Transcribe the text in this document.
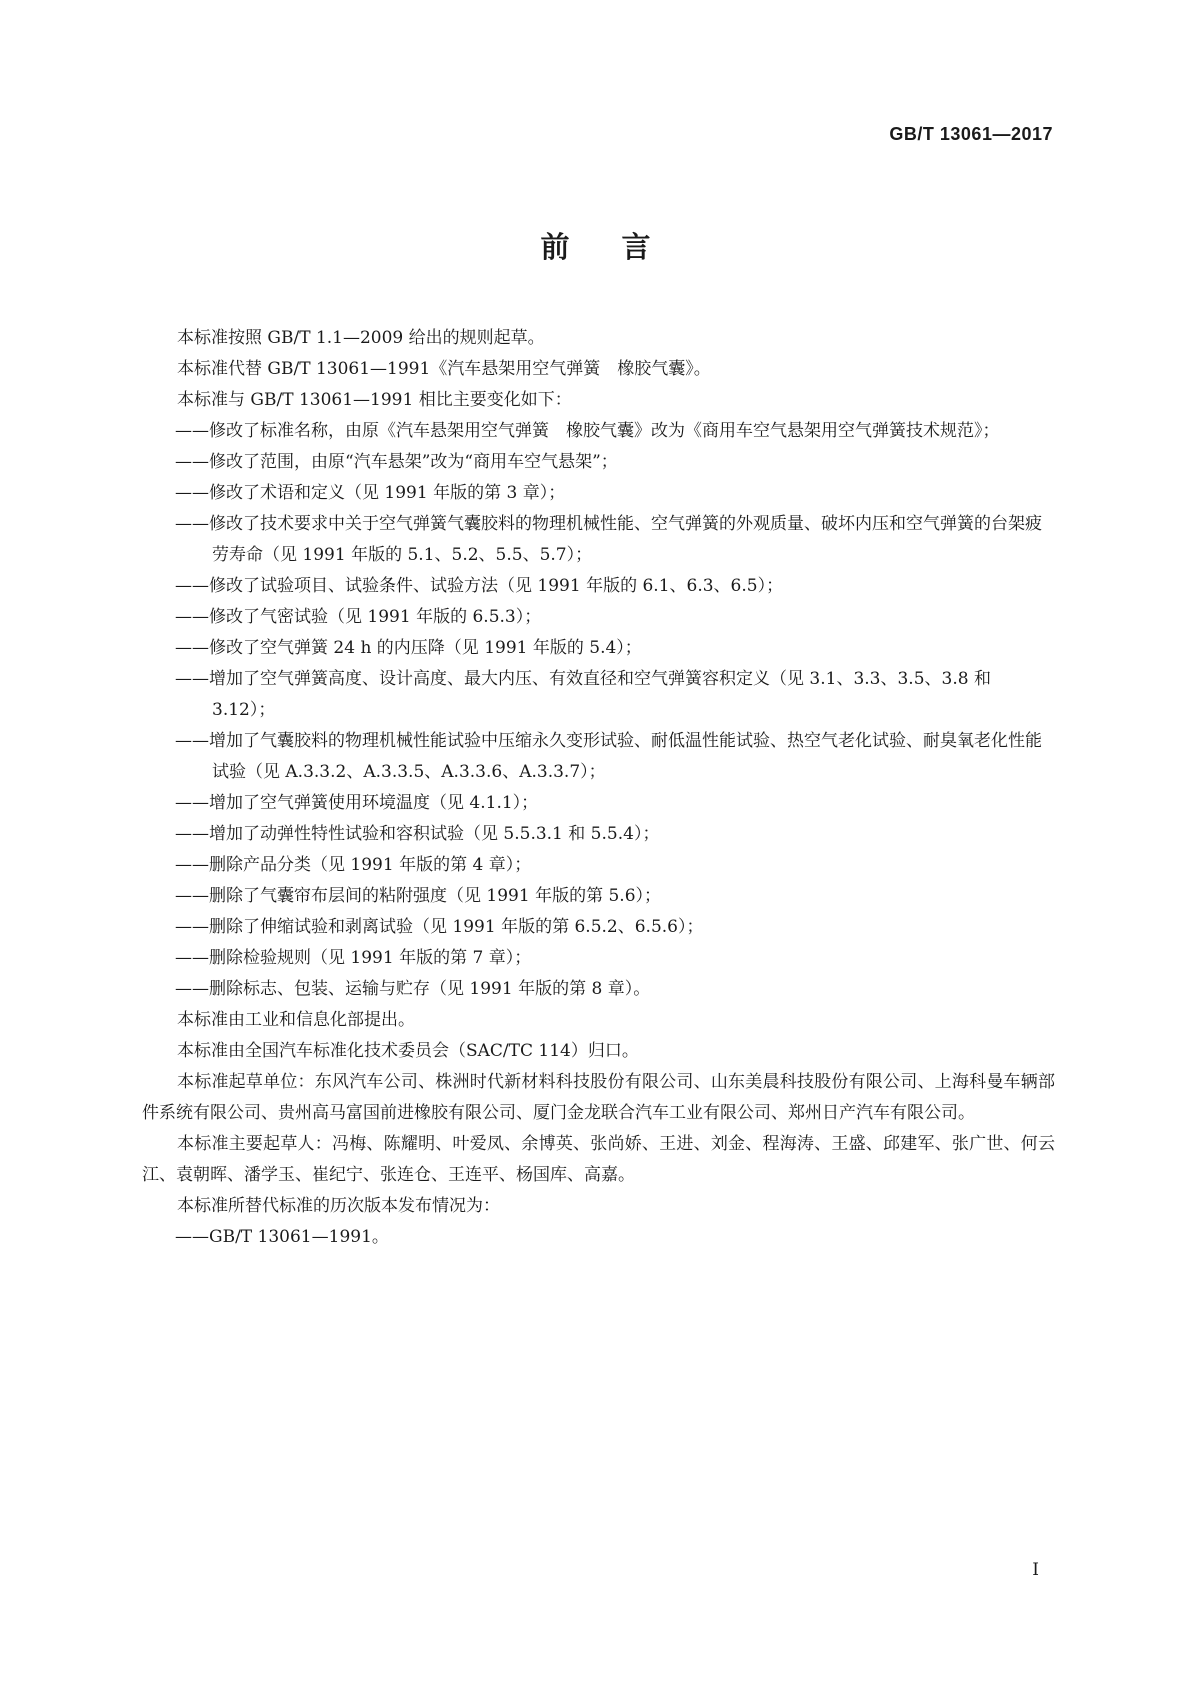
GB/T 13061—2017
前言
本标准按照 GB/T 1.1—2009 给出的规则起草。
本标准代替 GB/T 13061—1991《汽车悬架用空气弹簧　橡胶气囊》。
本标准与 GB/T 13061—1991 相比主要变化如下：
——修改了标准名称，由原《汽车悬架用空气弹簧　橡胶气囊》改为《商用车空气悬架用空气弹簧技术规范》；
——修改了范围，由原“汽车悬架”改为“商用车空气悬架”；
——修改了术语和定义（见 1991 年版的第 3 章）；
——修改了技术要求中关于空气弹簧气囊胶料的物理机械性能、空气弹簧的外观质量、破坏内压和空气弹簧的台架疲劳寿命（见 1991 年版的 5.1、5.2、5.5、5.7）；
——修改了试验项目、试验条件、试验方法（见 1991 年版的 6.1、6.3、6.5）；
——修改了气密试验（见 1991 年版的 6.5.3）；
——修改了空气弹簧 24 h 的内压降（见 1991 年版的 5.4）；
——增加了空气弹簧高度、设计高度、最大内压、有效直径和空气弹簧容积定义（见 3.1、3.3、3.5、3.8 和 3.12）；
——增加了气囊胶料的物理机械性能试验中压缩永久变形试验、耐低温性能试验、热空气老化试验、耐臭氧老化性能试验（见 A.3.3.2、A.3.3.5、A.3.3.6、A.3.3.7）；
——增加了空气弹簧使用环境温度（见 4.1.1）；
——增加了动弹性特性试验和容积试验（见 5.5.3.1 和 5.5.4）；
——删除产品分类（见 1991 年版的第 4 章）；
——删除了气囊帘布层间的粘附强度（见 1991 年版的第 5.6）；
——删除了伸缩试验和剥离试验（见 1991 年版的第 6.5.2、6.5.6）；
——删除检验规则（见 1991 年版的第 7 章）；
——删除标志、包装、运输与贮存（见 1991 年版的第 8 章）。
本标准由工业和信息化部提出。
本标准由全国汽车标准化技术委员会（SAC/TC 114）归口。
本标准起草单位：东风汽车公司、株洲时代新材料科技股份有限公司、山东美晨科技股份有限公司、上海科曼车辆部件系统有限公司、贵州高马富国前进橡胶有限公司、厦门金龙联合汽车工业有限公司、郑州日产汽车有限公司。
本标准主要起草人：冯梅、陈耀明、叶爱凤、余博英、张尚娇、王进、刘金、程海涛、王盛、邱建军、张广世、何云江、袁朝晖、潘学玉、崔纪宁、张连仓、王连平、杨国库、高嘉。
本标准所替代标准的历次版本发布情况为：
——GB/T 13061—1991。
I
